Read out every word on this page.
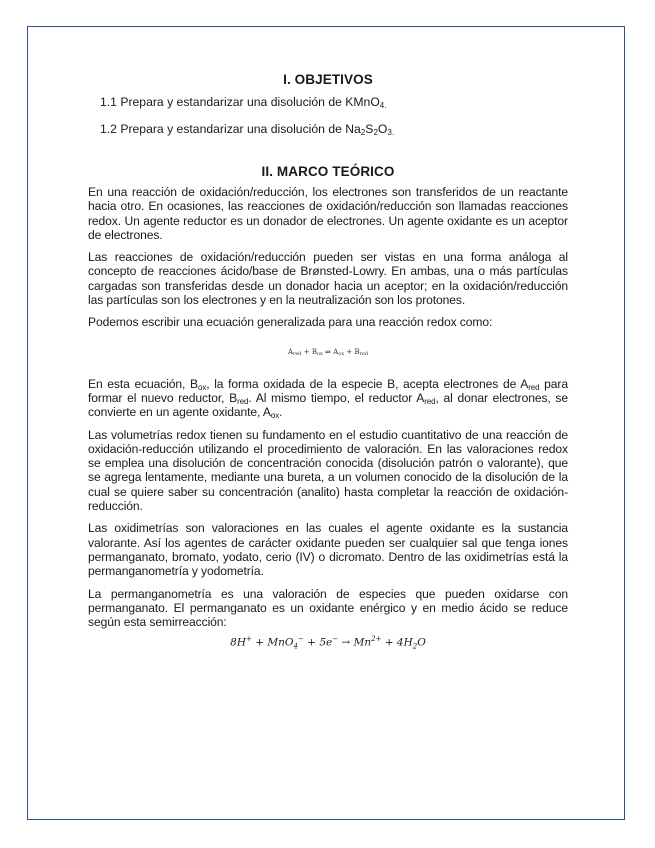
I. OBJETIVOS
1.1 Prepara y estandarizar una disolución de KMnO$_{4.}$
1.2 Prepara y estandarizar una disolución de $Na_2S_2O_{3.}$
II. MARCO TEÓRICO

En una reacción de oxidación/reducción, los electrones son transferidos de un reactante hacia otro. En ocasiones, las reacciones de oxidación/reducción son llamadas reacciones redox. Un agente reductor es un donador de electrones. Un agente oxidante es un aceptor de electrones.

Las reacciones de oxidación/reducción pueden ser vistas en una forma análoga al concepto de reacciones ácido/base de Brønsted-Lowry. En ambas, una o más partículas cargadas son transferidas desde un donador hacia un aceptor; en la oxidación/reducción las partículas son los electrones y en la neutralización son los protones.

Podemos escribir una ecuación generalizada para una reacción redox como:

$A_{red} + B_{ox}$ ⇌ $A_{ox} + B_{red}$

En esta ecuación, $B_{ox}$, la forma oxidada de la especie B, acepta electrones de $A_{red}$ para formar el nuevo reductor, $B_{red}$. Al mismo tiempo, el reductor $A_{red}$, al donar electrones, se convierte en un agente oxidante, $A_{ox}$.

Las volumetrías redox tienen su fundamento en el estudio cuantitativo de una reacción de oxidación-reducción utilizando el procedimiento de valoración. En las valoraciones redox se emplea una disolución de concentración conocida (disolución patrón o valorante), que se agrega lentamente, mediante una bureta, a un volumen conocido de la disolución de la cual se quiere saber su concentración (analito) hasta completar la reacción de oxidación-reducción.

Las oxidimetrías son valoraciones en las cuales el agente oxidante es la sustancia valorante. Así los agentes de carácter oxidante pueden ser cualquier sal que tenga iones permanganato, bromato, yodato, cerio (IV) o dicromato. Dentro de las oxidimetrías está la permanganometría y yodometría.

La permanganometría es una valoración de especies que pueden oxidarse con permanganato. El permanganato es un oxidante enérgico y en medio ácido se reduce según esta semirreacción:

$8H^+ + MnO_4^- + 5e^- \to Mn^{2+} + 4H_2O$
